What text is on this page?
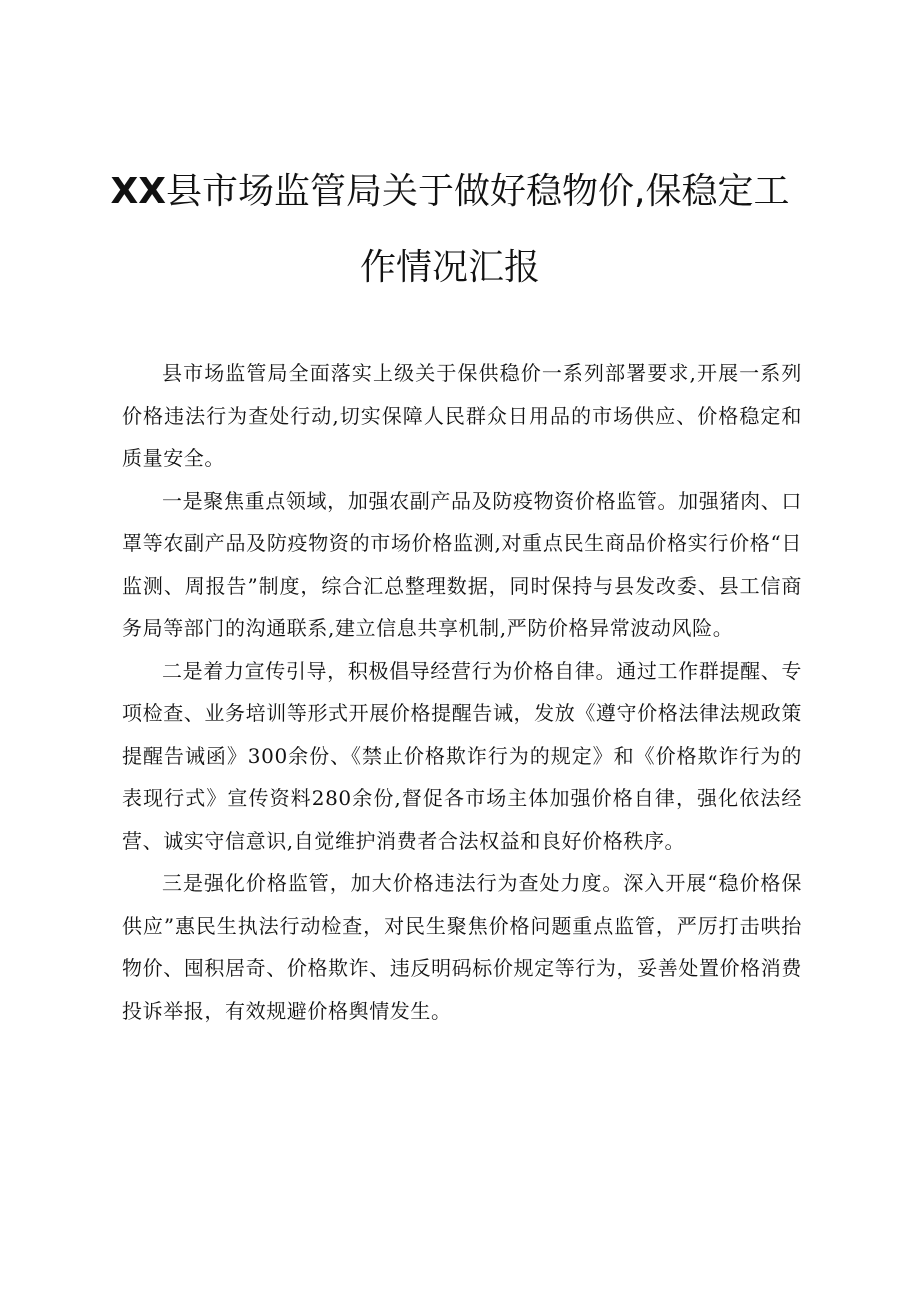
XX县市场监管局关于做好稳物价,保稳定工
作情况汇报

县市场监管局全面落实上级关于保供稳价一系列部署要求,开展一系列价格违法行为查处行动,切实保障人民群众日用品的市场供应、价格稳定和质量安全。

一是聚焦重点领域，加强农副产品及防疫物资价格监管。加强猪肉、口罩等农副产品及防疫物资的市场价格监测,对重点民生商品价格实行价格“日监测、周报告”制度，综合汇总整理数据，同时保持与县发改委、县工信商务局等部门的沟通联系,建立信息共享机制,严防价格异常波动风险。

二是着力宣传引导，积极倡导经营行为价格自律。通过工作群提醒、专项检查、业务培训等形式开展价格提醒告诫，发放《遵守价格法律法规政策提醒告诫函》300余份、《禁止价格欺诈行为的规定》和《价格欺诈行为的表现行式》宣传资料280余份,督促各市场主体加强价格自律，强化依法经营、诚实守信意识,自觉维护消费者合法权益和良好价格秩序。

三是强化价格监管，加大价格违法行为查处力度。深入开展“稳价格保供应”惠民生执法行动检查，对民生聚焦价格问题重点监管，严厉打击哄抬物价、囤积居奇、价格欺诈、违反明码标价规定等行为，妥善处置价格消费投诉举报，有效规避价格舆情发生。
